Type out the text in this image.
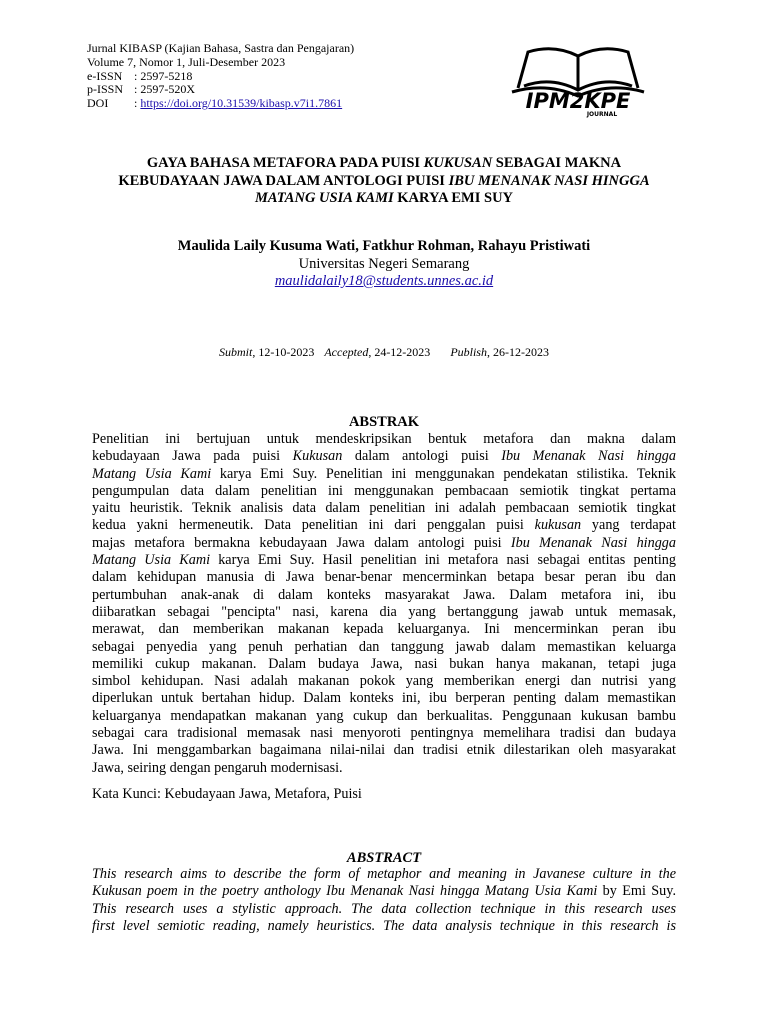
Jurnal KIBASP (Kajian Bahasa, Sastra dan Pengajaran)
Volume 7, Nomor 1, Juli-Desember 2023
e-ISSN : 2597-5218
p-ISSN : 2597-520X
DOI : https://doi.org/10.31539/kibasp.v7i1.7861	IPM2KPE
JOURNAL
GAYA BAHASA METAFORA PADA PUISI KUKUSAN SEBAGAI MAKNA
KEBUDAYAAN JAWA DALAM ANTOLOGI PUISI IBU MENANAK NASI HINGGA
MATANG USIA KAMI KARYA EMI SUY
Maulida Laily Kusuma Wati, Fatkhur Rohman, Rahayu Pristiwati
Universitas Negeri Semarang
maulidalaily18@students.unnes.ac.id
Submit, 12-10-2023 Accepted, 24-12-2023 Publish, 26-12-2023
ABSTRAK
Penelitian ini bertujuan untuk mendeskripsikan bentuk metafora dan makna dalam
kebudayaan Jawa pada puisi Kukusan dalam antologi puisi Ibu Menanak Nasi hingga
Matang Usia Kami karya Emi Suy. Penelitian ini menggunakan pendekatan stilistika. Teknik
pengumpulan data dalam penelitian ini menggunakan pembacaan semiotik tingkat pertama
yaitu heuristik. Teknik analisis data dalam penelitian ini adalah pembacaan semiotik tingkat
kedua yakni hermeneutik. Data penelitian ini dari penggalan puisi kukusan yang terdapat
majas metafora bermakna kebudayaan Jawa dalam antologi puisi Ibu Menanak Nasi hingga
Matang Usia Kami karya Emi Suy. Hasil penelitian ini metafora nasi sebagai entitas penting
dalam kehidupan manusia di Jawa benar-benar mencerminkan betapa besar peran ibu dan
pertumbuhan anak-anak di dalam konteks masyarakat Jawa. Dalam metafora ini, ibu
diibaratkan sebagai "pencipta" nasi, karena dia yang bertanggung jawab untuk memasak,
merawat, dan memberikan makanan kepada keluarganya. Ini mencerminkan peran ibu
sebagai penyedia yang penuh perhatian dan tanggung jawab dalam memastikan keluarga
memiliki cukup makanan. Dalam budaya Jawa, nasi bukan hanya makanan, tetapi juga
simbol kehidupan. Nasi adalah makanan pokok yang memberikan energi dan nutrisi yang
diperlukan untuk bertahan hidup. Dalam konteks ini, ibu berperan penting dalam memastikan
keluarganya mendapatkan makanan yang cukup dan berkualitas. Penggunaan kukusan bambu
sebagai cara tradisional memasak nasi menyoroti pentingnya memelihara tradisi dan budaya
Jawa. Ini menggambarkan bagaimana nilai-nilai dan tradisi etnik dilestarikan oleh masyarakat
Jawa, seiring dengan pengaruh modernisasi.
Kata Kunci: Kebudayaan Jawa, Metafora, Puisi
ABSTRACT
This research aims to describe the form of metaphor and meaning in Javanese culture in the
Kukusan poem in the poetry anthology Ibu Menanak Nasi hingga Matang Usia Kami by Emi Suy.
This research uses a stylistic approach. The data collection technique in this research uses
first level semiotic reading, namely heuristics. The data analysis technique in this research is
